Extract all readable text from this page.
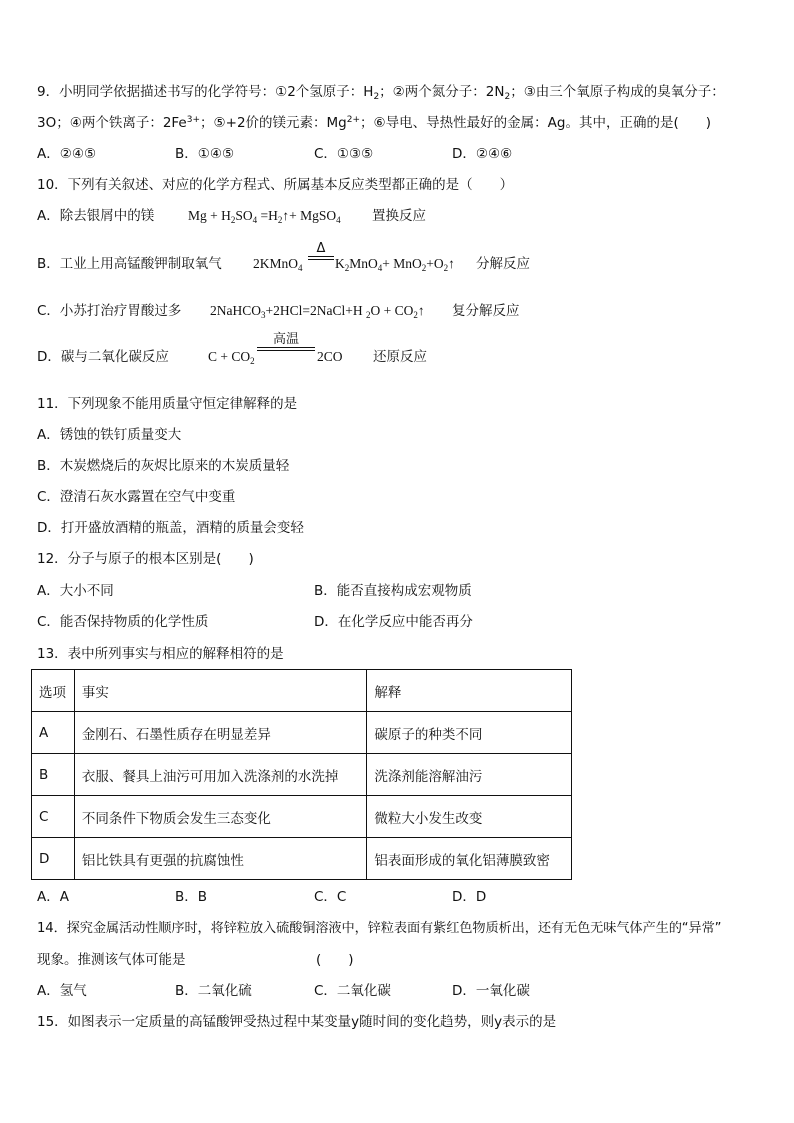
9．小明同学依据描述书写的化学符号：①2个氢原子：$H_2$；②两个氮分子：$2N_2$；③由三个氧原子构成的臭氧分子：
3O；④两个铁离子：$2Fe^{3+}$；⑤+2价的镁元素：$Mg^{2+}$；⑥导电、导热性最好的金属：Ag。其中，正确的是(　　)
A．②④⑤	B．①④⑤	C．①③⑤	D．②④⑥
10．下列有关叙述、对应的化学方程式、所属基本反应类型都正确的是（　　）
A．除去银屑中的镁	$Mg + H_2SO_4$ $=H_2↑+$ MgSO$_4$ 置换反应
B．工业上用高锰酸钾制取氧气 2KMnO$_4$
Δ
$K_2MnO_4+$ $MnO_2+O_2↑$ 分解反应
C．小苏打治疗胃酸过多 2NaHCO$_3$+2HCl=2NaCl+H $_2O + CO_2↑$ 复分解反应
D．碳与二氧化碳反应	$C + CO_2$
高温
2CO 还原反应
11．下列现象不能用质量守恒定律解释的是
A．锈蚀的铁钉质量变大
B．木炭燃烧后的灰烬比原来的木炭质量轻
C．澄清石灰水露置在空气中变重
D．打开盛放酒精的瓶盖，酒精的质量会变轻
12．分子与原子的根本区别是(　　)
A．大小不同	B．能否直接构成宏观物质
C．能否保持物质的化学性质	D．在化学反应中能否再分
13．表中所列事实与相应的解释相符的是
选项	事实	解释
A	金刚石、石墨性质存在明显差异	碳原子的种类不同
B	衣服、餐具上油污可用加入洗涤剂的水洗掉	洗涤剂能溶解油污
C	不同条件下物质会发生三态变化	微粒大小发生改变
D	铝比铁具有更强的抗腐蚀性	铝表面形成的氧化铝薄膜致密
A．A	B．B	C．C	D．D
14．探究金属活动性顺序时，将锌粒放入硫酸铜溶液中，锌粒表面有紫红色物质析出，还有无色无味气体产生的“异常”
现象。推测该气体可能是	(　　)
A．氢气	B．二氧化硫	C．二氧化碳	D．一氧化碳
15．如图表示一定质量的高锰酸钾受热过程中某变量y随时间的变化趋势，则y表示的是
